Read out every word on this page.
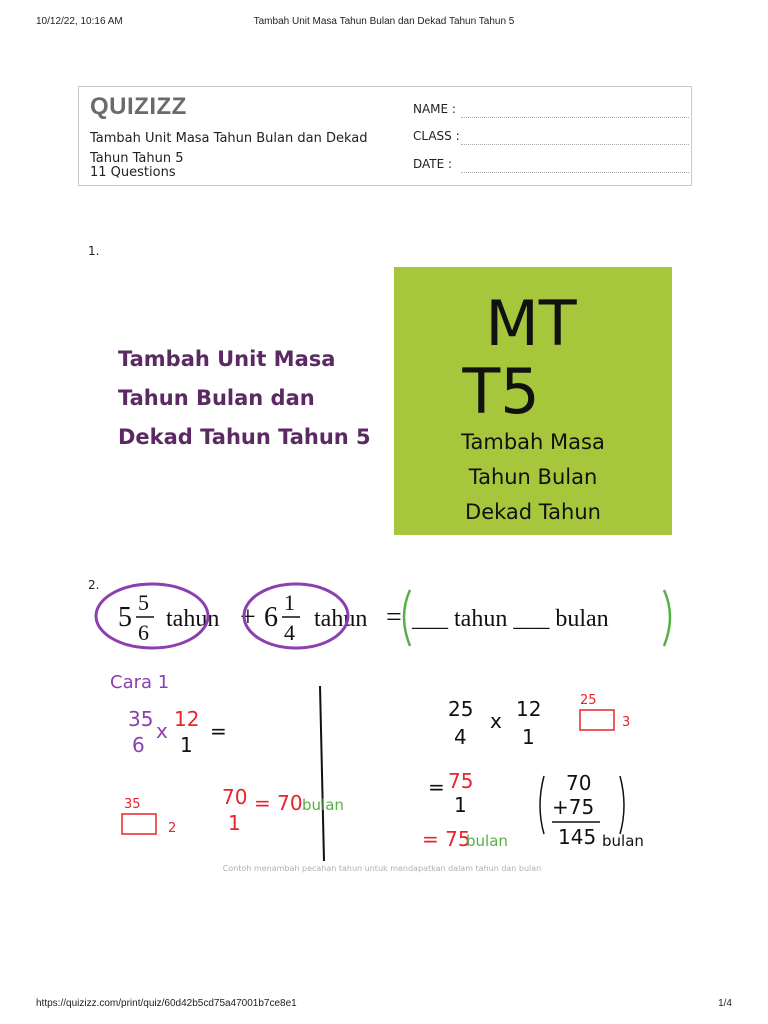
10/12/22, 10:16 AM	Tambah Unit Masa Tahun Bulan dan Dekad Tahun Tahun 5
QUIZIZZ
Tambah Unit Masa Tahun Bulan dan Dekad Tahun Tahun 5
11 Questions
NAME :
CLASS :
DATE :
1.
Tambah Unit Masa Tahun Bulan dan Dekad Tahun Tahun 5
MT
T5
Tambah Masa
Tahun Bulan
Dekad Tahun
2.
5 5
6
tahun + 6 1
4
tahun = ___ tahun ___ bulan
Cara 1
35
6
x 12
1
=
70
1
= 70 bulan
25
4
x 12
1
= 75
1
= 75
bulan
70
+75
145 bulan
25
3
35
2
Contoh menambah pecahan tahun untuk mendapatkan dalam tahun dan bulan
https://quizizz.com/print/quiz/60d42b5cd75a47001b7ce8e1	1/4
